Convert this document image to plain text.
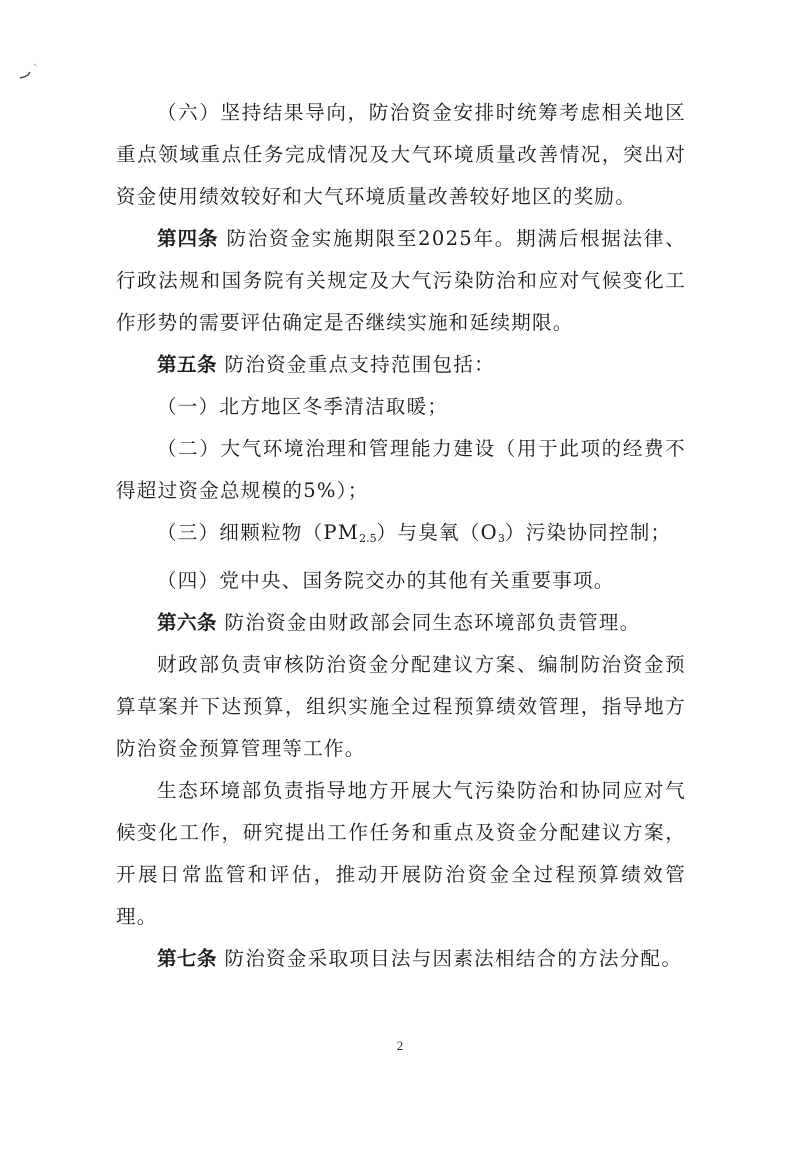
（六）坚持结果导向，防治资金安排时统筹考虑相关地区重点领域重点任务完成情况及大气环境质量改善情况，突出对资金使用绩效较好和大气环境质量改善较好地区的奖励。

第四条 防治资金实施期限至2025年。期满后根据法律、行政法规和国务院有关规定及大气污染防治和应对气候变化工作形势的需要评估确定是否继续实施和延续期限。

第五条 防治资金重点支持范围包括：

（一）北方地区冬季清洁取暖；

（二）大气环境治理和管理能力建设（用于此项的经费不得超过资金总规模的5%）；

（三）细颗粒物$(PM_{2.5})$与臭氧$(O_3)$污染协同控制；

（四）党中央、国务院交办的其他有关重要事项。

第六条 防治资金由财政部会同生态环境部负责管理。

财政部负责审核防治资金分配建议方案、编制防治资金预算草案并下达预算，组织实施全过程预算绩效管理，指导地方防治资金预算管理等工作。

生态环境部负责指导地方开展大气污染防治和协同应对气候变化工作，研究提出工作任务和重点及资金分配建议方案，开展日常监管和评估，推动开展防治资金全过程预算绩效管理。

第七条 防治资金采取项目法与因素法相结合的方法分配。

2
